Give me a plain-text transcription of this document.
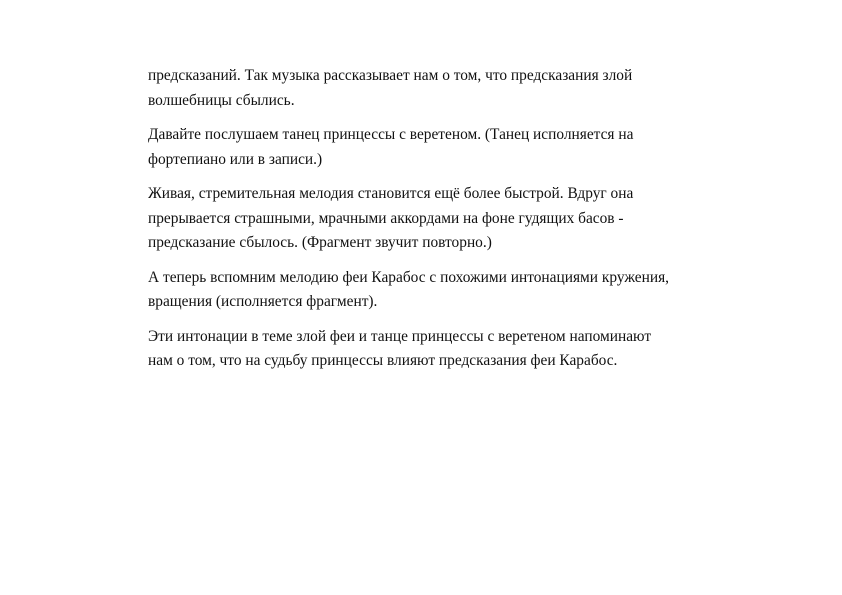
предсказаний. Так музыка рассказывает нам о том, что предсказания злой
волшебницы сбылись.

Давайте послушаем танец принцессы с веретеном. (Танец исполняется на
фортепиано или в записи.)

Живая, стремительная мелодия становится ещё более быстрой. Вдруг она
прерывается страшными, мрачными аккордами на фоне гудящих басов -
предсказание сбылось. (Фрагмент звучит повторно.)

А теперь вспомним мелодию феи Карабос с похожими интонациями кружения,
вращения (исполняется фрагмент).

Эти интонации в теме злой феи и танце принцессы с веретеном напоминают
нам о том, что на судьбу принцессы влияют предсказания феи Карабос.
